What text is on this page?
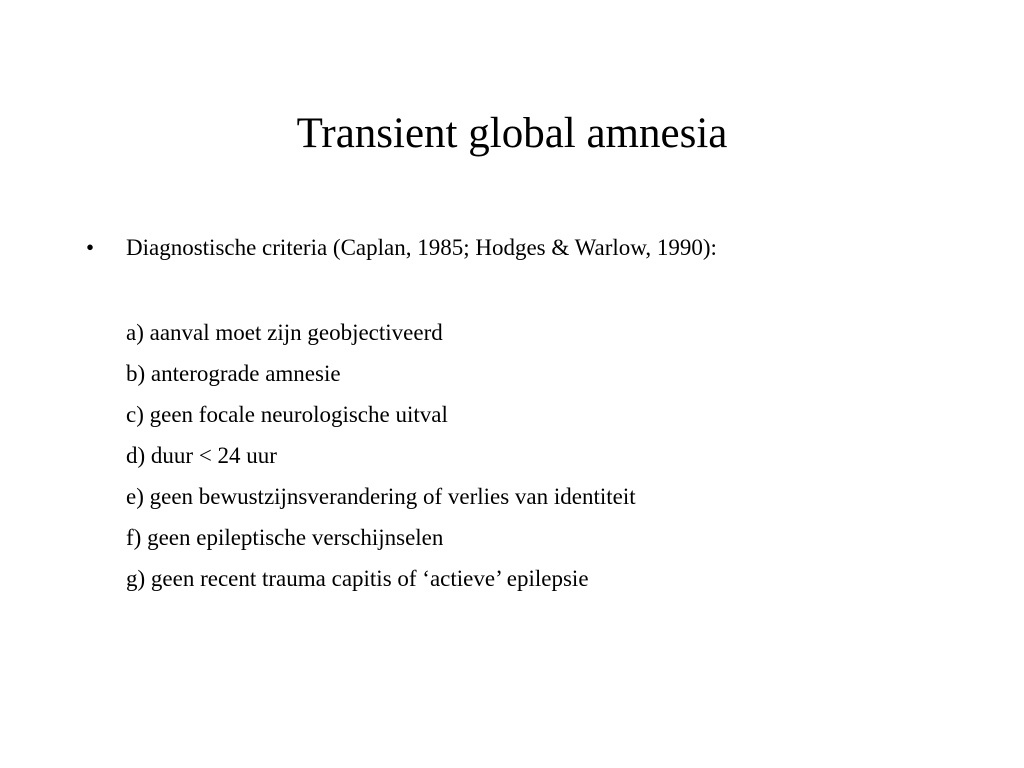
Transient global amnesia
•	Diagnostische criteria (Caplan, 1985; Hodges & Warlow, 1990):
a) aanval moet zijn geobjectiveerd
b) anterograde amnesie
c) geen focale neurologische uitval
d) duur < 24 uur
e) geen bewustzijnsverandering of verlies van identiteit
f) geen epileptische verschijnselen
g) geen recent trauma capitis of ‘actieve’ epilepsie
